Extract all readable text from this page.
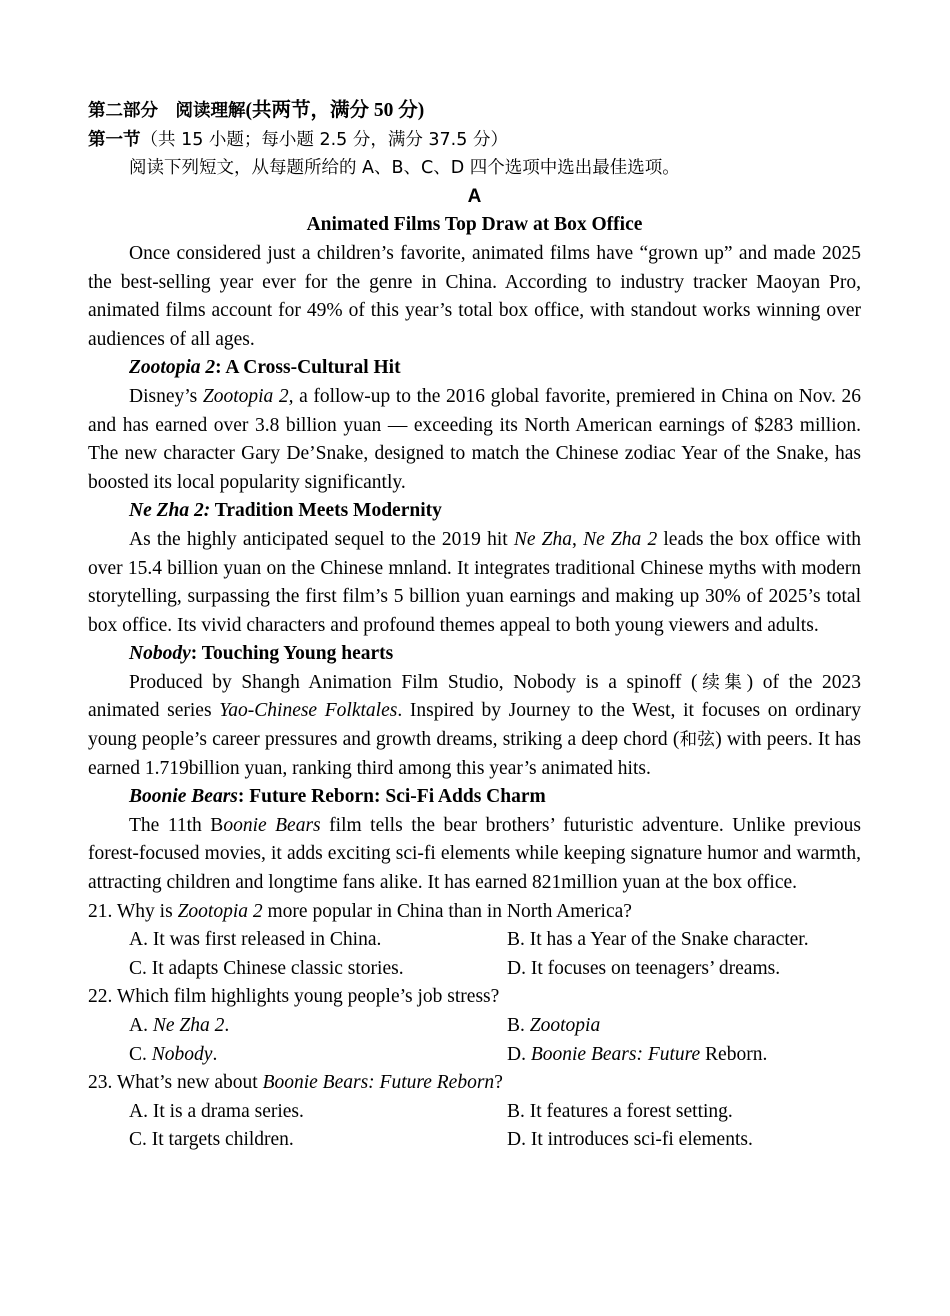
第二部分　阅读理解(共两节，满分 50 分)

第一节（共 15 小题；每小题 2.5 分，满分 37.5 分）

阅读下列短文，从每题所给的 A、B、C、D 四个选项中选出最佳选项。

A

Animated Films Top Draw at Box Office

Once considered just a children’s favorite, animated films have “grown up” and made 2025 the best-selling year ever for the genre in China. According to industry tracker Maoyan Pro, animated films account for 49% of this year’s total box office, with standout works winning over audiences of all ages.

Zootopia 2: A Cross-Cultural Hit

Disney’s Zootopia 2, a follow-up to the 2016 global favorite, premiered in China on Nov. 26 and has earned over 3.8 billion yuan — exceeding its North American earnings of $283 million. The new character Gary De’Snake, designed to match the Chinese zodiac Year of the Snake, has boosted its local popularity significantly.

Ne Zha 2: Tradition Meets Modernity

As the highly anticipated sequel to the 2019 hit Ne Zha, Ne Zha 2 leads the box office with over 15.4 billion yuan on the Chinese mnland. It integrates traditional Chinese myths with modern storytelling, surpassing the first film’s 5 billion yuan earnings and making up 30% of 2025’s total box office. Its vivid characters and profound themes appeal to both young viewers and adults.

Nobody: Touching Young hearts

Produced by Shangh Animation Film Studio, Nobody is a spinoff (续集) of the 2023 animated series Yao-Chinese Folktales. Inspired by Journey to the West, it focuses on ordinary young people’s career pressures and growth dreams, striking a deep chord (和弦) with peers. It has earned 1.719billion yuan, ranking third among this year’s animated hits.

Boonie Bears: Future Reborn: Sci-Fi Adds Charm

The 11th Boonie Bears film tells the bear brothers’ futuristic adventure. Unlike previous forest-focused movies, it adds exciting sci-fi elements while keeping signature humor and warmth, attracting children and longtime fans alike. It has earned 821million yuan at the box office.

21. Why is Zootopia 2 more popular in China than in North America?

A. It was first released in China.	B. It has a Year of the Snake character.
C. It adapts Chinese classic stories.	D. It focuses on teenagers’ dreams.

22. Which film highlights young people’s job stress?

A. Ne Zha 2.	B. Zootopia
C. Nobody.	D. Boonie Bears: Future Reborn.

23. What’s new about Boonie Bears: Future Reborn?

A. It is a drama series.	B. It features a forest setting.
C. It targets children.	D. It introduces sci-fi elements.
